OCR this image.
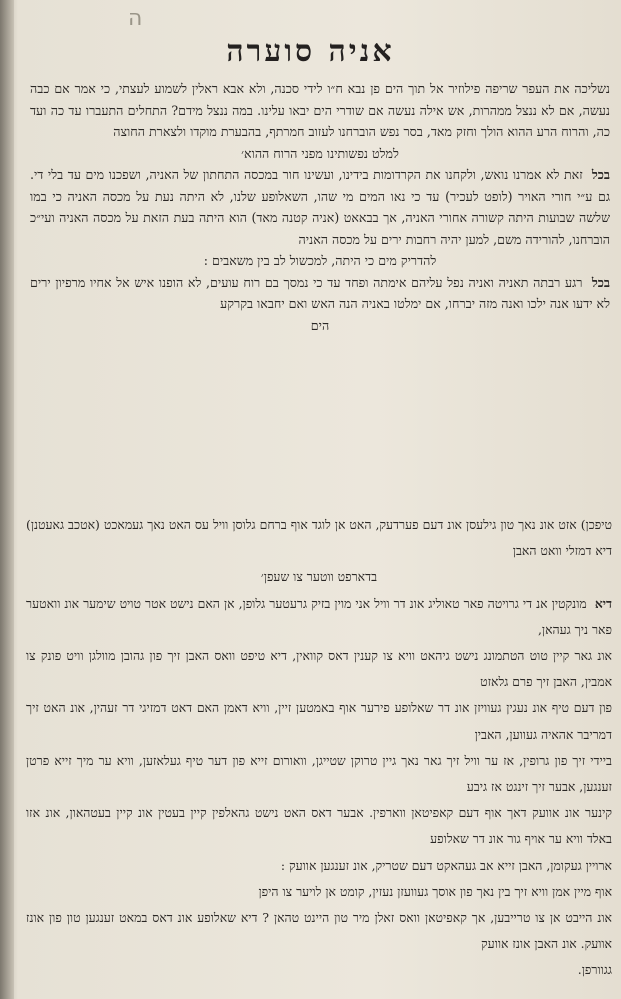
ה
אניה סוערה

נשליכה את העפר שריפה פילוזיר אל תוך הים פן נבא ח״ו לידי סכנה, ולא אבא ראלין לשמוע לעצתי, כי אמר אם כבה נעשה, אם לא ננצל ממהרות, אש אילה נעשה אם שודרי הים יבאו עלינו. במה ננצל מידם? התחלים התעברו עד כה ועד כה, והרוח הרע ההוא הולך וחזק מאד, בסר נפש הוברחנו לעזוב חמרתף, בהבערת מוקדו ולצארת החוצה

למלט נפשותינו מפני הרוח ההוא׳

בכל  זאת לא אמרנו נואש, ולקחנו את הקרדומות בידינו, ועשינו חור במכסה התחתון של האניה, ושפכנו מים עד בלי די. גם ע״י חורי האויר (לופט לעכיר) עד כי נאו המים מי שהו, השאלופע שלנו, לא היתה נעת על מכסה האניה כי במו שלשה שבועות היתה קשורה אחורי האניה, אך בבאאט (אניה קטנה מאד) הוא היתה בעת הזאת על מכסה האניה ועי״כ הוברחנו, להורידה משם, למען יהיה רחבות ירים על מכסה האניה

להדריק מים כי היתה, למכשול לב בין משאבים :

בכל  רגע רבתה תאניה ואניה נפל עליהם אימתה ופחד עד כי נמסך בם רוח עועים, לא הופנו איש אל אחיו מרפיון ירים לא ידעו אנה ילכו ואנה מזה יברחו, אם ימלטו באניה הנה האש ואם יחבאו בקרקע

הים

טיפכן) אזט אונ נאך טון גילעסן אונ דעם פערדעק, האט אן לוגד אוף ברחם גלוסן וויל עס האט נאך געמאכט (אטכב גאעטנן) דיא דמזלי וואט האבן

בדארפט ווטער צו שעפן׳

דיא  מונקטין אנ די גרויטה פאר טאוליג אונ דר וויל אני מוין בזיק גרעטער גלופן, אן האם נישט אטר טויט שימער אונ וואטער פאר ניך געהאן,

אונ גאר קיין טוט הטתמונג נישט גיהאט וויא צו קענין דאס קוואין, דיא טיפט וואס האבן זיך פון גהובן מוולגן וויט פונק צו אמבין, האבן זיך פרם גלאזט

פון דעם טיף אונ נעגין געוויזן אונ דר שאלופע פירער אוף באמטען זיין, וויא דאמן האם דאט דמזיגי דר זעהין, אונ האט זיך דמריבר אהאיה געווען, האבין

ביידי זיך פון גרופין, אז ער וויל זיך גאר נאך גיין טרוקן שטייגן, וואורום זייא פון דער טיף געלאזען, וויא ער מיך זייא פרטן זענגען, אבער זיך זינגט אז גיבע

קינער אונ אוועק דאך אוף דעם קאפיטאן ווארפין. אבער דאס האט נישט גהאלפין קיין בעטין אונ קיין בעטהאון, אונ אזו באלד וויא ער אויף גור אונ דר שאלופע

ארויין געקומן, האבן זייא אב געהאקט דעם שטריק, אונ זענגען אוועק :

אוף מיין אמן וויא זיך בין נאך פון אוסך געוועזן נעזין, קומט אן לויער צו היפן

אונ הייבט אן צו טרייבען, אך קאפיטאן וואס זאלן מיר טון היינט טהאן ? דיא שאלופע אונ דאס במאט זענגען טון פון אונז אוועק. אונ האבן אונז אוועק

גגוורפן.
